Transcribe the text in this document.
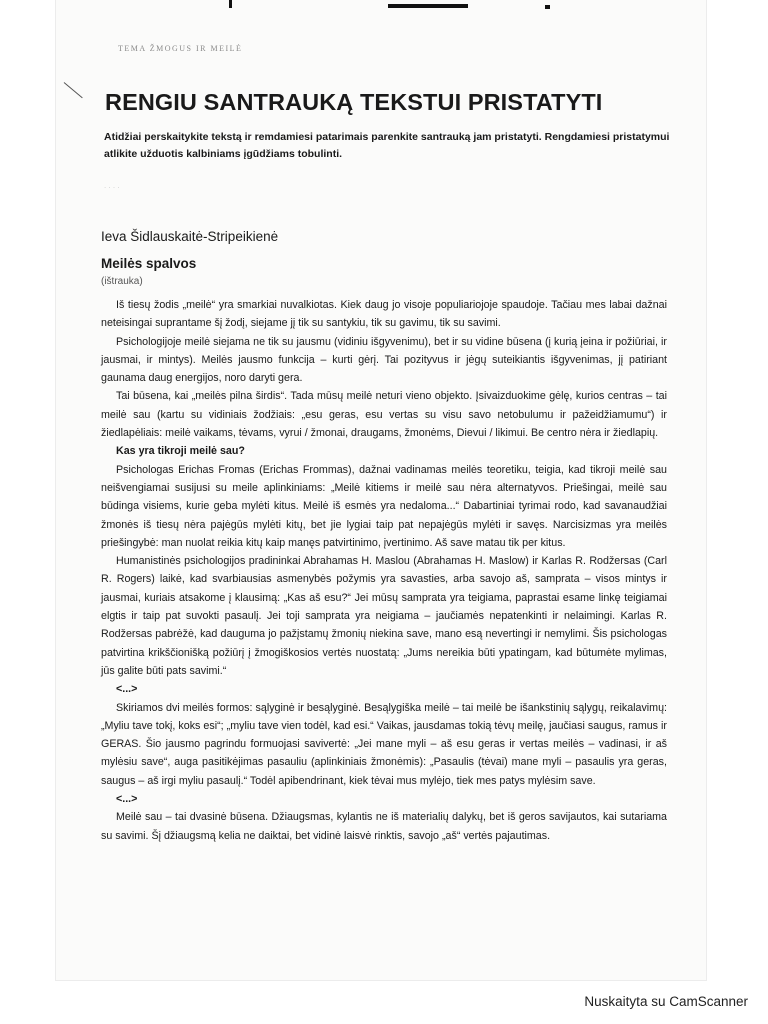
TEMA ŽMOGUS IR MEILĖ
RENGIU SANTRAUKĄ TEKSTUI PRISTATYTI

Atidžiai perskaitykite tekstą ir remdamiesi patarimais parenkite santrauką jam pristatyti. Rengdamiesi pristatymui atlikite užduotis kalbiniams įgūdžiams tobulinti.

. . . .

Ieva Šidlauskaitė-Stripeikienė

Meilės spalvos

(ištrauka)

Iš tiesų žodis „meilė“ yra smarkiai nuvalkiotas. Kiek daug jo visoje populiariojoje spaudoje. Tačiau mes labai dažnai neteisingai suprantame šį žodį, siejame jį tik su santykiu, tik su gavimu, tik su savimi.

Psichologijoje meilė siejama ne tik su jausmu (vidiniu išgyvenimu), bet ir su vidine būsena (į kurią įeina ir požiūriai, ir jausmai, ir mintys). Meilės jausmo funkcija – kurti gėrį. Tai pozityvus ir jėgų suteikiantis išgyvenimas, jį patiriant gaunama daug energijos, noro daryti gera.

Tai būsena, kai „meilės pilna širdis“. Tada mūsų meilė neturi vieno objekto. Įsivaizduokime gėlę, kurios centras – tai meilė sau (kartu su vidiniais žodžiais: „esu geras, esu vertas su visu savo netobulumu ir pažeidžiamumu“) ir žiedlapėliais: meilė vaikams, tėvams, vyrui / žmonai, draugams, žmonėms, Dievui / likimui. Be centro nėra ir žiedlapių.

Kas yra tikroji meilė sau?

Psichologas Erichas Fromas (Erichas Frommas), dažnai vadinamas meilės teoretiku, teigia, kad tikroji meilė sau neišvengiamai susijusi su meile aplinkiniams: „Meilė kitiems ir meilė sau nėra alternatyvos. Priešingai, meilė sau būdinga visiems, kurie geba mylėti kitus. Meilė iš esmės yra nedaloma...“ Dabartiniai tyrimai rodo, kad savanaudžiai žmonės iš tiesų nėra pajėgūs mylėti kitų, bet jie lygiai taip pat nepajėgūs mylėti ir savęs. Narcisizmas yra meilės priešingybė: man nuolat reikia kitų kaip manęs patvirtinimo, įvertinimo. Aš save matau tik per kitus.

Humanistinės psichologijos pradininkai Abrahamas H. Maslou (Abrahamas H. Maslow) ir Karlas R. Rodžersas (Carl R. Rogers) laikė, kad svarbiausias asmenybės požymis yra savasties, arba savojo aš, samprata – visos mintys ir jausmai, kuriais atsakome į klausimą: „Kas aš esu?“ Jei mūsų samprata yra teigiama, paprastai esame linkę teigiamai elgtis ir taip pat suvokti pasaulį. Jei toji samprata yra neigiama – jaučiamės nepatenkinti ir nelaimingi. Karlas R. Rodžersas pabrėžė, kad dauguma jo pažįstamų žmonių niekina save, mano esą nevertingi ir nemylimi. Šis psichologas patvirtina krikščionišką požiūrį į žmogiškosios vertės nuostatą: „Jums nereikia būti ypatingam, kad būtumėte mylimas, jūs galite būti pats savimi.“

<...>

Skiriamos dvi meilės formos: sąlyginė ir besąlyginė. Besąlygiška meilė – tai meilė be išankstinių sąlygų, reikalavimų: „Myliu tave tokį, koks esi“; „myliu tave vien todėl, kad esi.“ Vaikas, jausdamas tokią tėvų meilę, jaučiasi saugus, ramus ir GERAS. Šio jausmo pagrindu formuojasi savivertė: „Jei mane myli – aš esu geras ir vertas meilės – vadinasi, ir aš mylėsiu save“, auga pasitikėjimas pasauliu (aplinkiniais žmonėmis): „Pasaulis (tėvai) mane myli – pasaulis yra geras, saugus – aš irgi myliu pasaulį.“ Todėl apibendrinant, kiek tėvai mus mylėjo, tiek mes patys mylėsim save.

<...>

Meilė sau – tai dvasinė būsena. Džiaugsmas, kylantis ne iš materialių dalykų, bet iš geros savijautos, kai sutariama su savimi. Šį džiaugsmą kelia ne daiktai, bet vidinė laisvė rinktis, savojo „aš“ vertės pajautimas.

Nuskaityta su CamScanner
